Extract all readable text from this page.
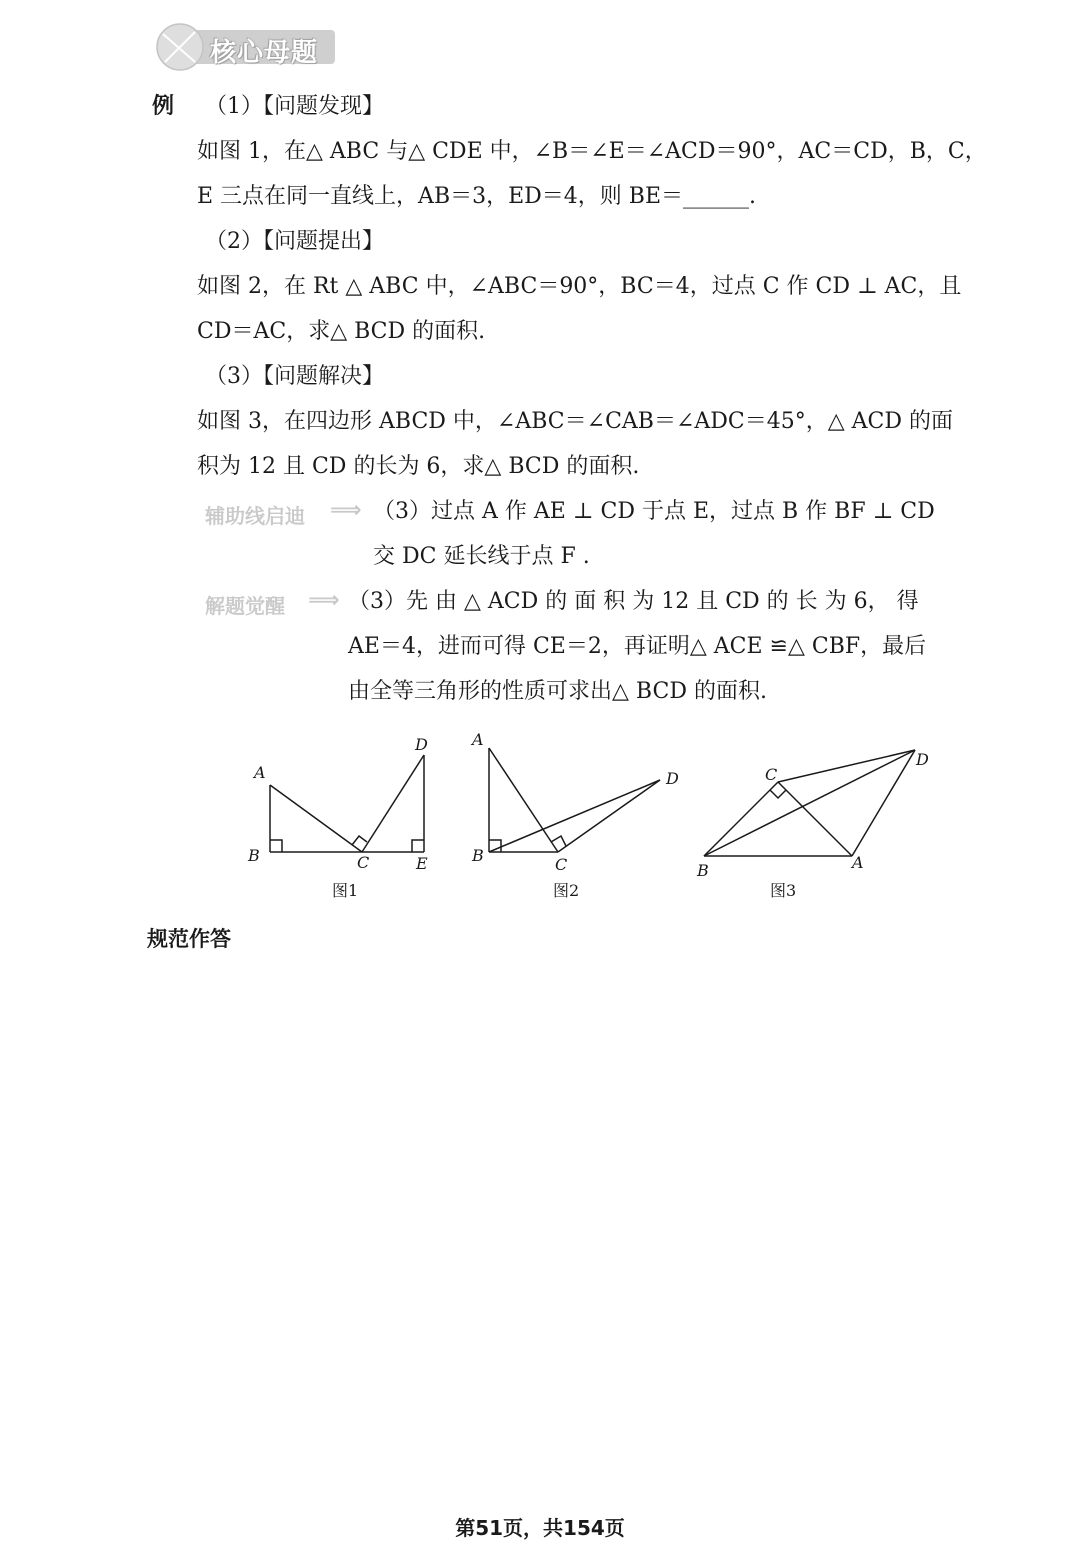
核心母题
例 （1）【问题发现】
如图 1，在△ ABC 与△ CDE 中，∠B＝∠E＝∠ACD＝90°，AC＝CD，B，C，
E 三点在同一直线上，AB＝3，ED＝4，则 BE＝______.
（2）【问题提出】
如图 2，在 Rt △ ABC 中，∠ABC＝90°，BC＝4，过点 C 作 CD ⊥ AC，且
CD＝AC，求△ BCD 的面积.
（3）【问题解决】
如图 3，在四边形 ABCD 中，∠ABC＝∠CAB＝∠ADC＝45°，△ ACD 的面
积为 12 且 CD 的长为 6，求△ BCD 的面积.
辅助线启迪 ⟹ （3）过点 A 作 AE ⊥ CD 于点 E，过点 B 作 BF ⊥ CD
交 DC 延长线于点 F .
解题觉醒 ⟹ （3）先 由 △ ACD 的 面 积 为 12 且 CD 的 长 为 6， 得
AE＝4，进而可得 CE＝2，再证明△ ACE ≌△ CBF，最后
由全等三角形的性质可求出△ BCD 的面积.
A
B	C
D
E
A
B	C
D	C
D
B	A
图1	图2	图3
规范作答
第51页，共154页
